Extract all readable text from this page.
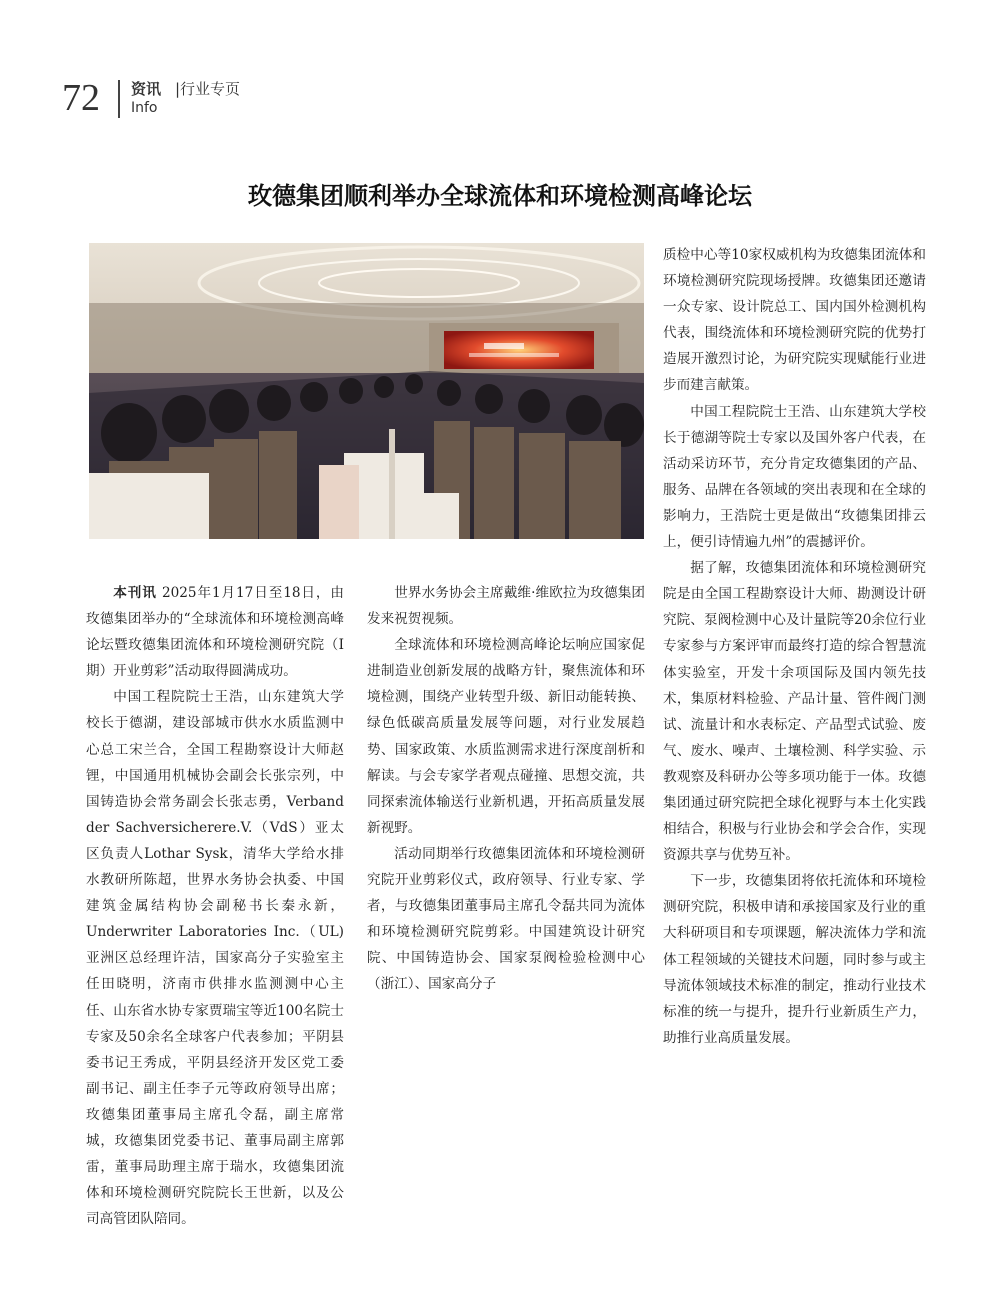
72 资讯
Info
|行业专页
玫德集团顺利举办全球流体和环境检测高峰论坛

本刊讯 2025年1月17日至18日，由玫德集团举办的“全球流体和环境检测高峰论坛暨玫德集团流体和环境检测研究院（Ⅰ期）开业剪彩”活动取得圆满成功。

中国工程院院士王浩，山东建筑大学校长于德湖，建设部城市供水水质监测中心总工宋兰合，全国工程勘察设计大师赵锂，中国通用机械协会副会长张宗列，中国铸造协会常务副会长张志勇，Verband der Sachversicherere.V.（VdS）亚太区负责人Lothar Sysk，清华大学给水排水教研所陈超，世界水务协会执委、中国建筑金属结构协会副秘书长秦永新，Underwriter Laboratories Inc.（UL)亚洲区总经理许洁，国家高分子实验室主任田晓明，济南市供排水监测测中心主任、山东省水协专家贾瑞宝等近100名院士专家及50余名全球客户代表参加；平阴县委书记王秀成，平阴县经济开发区党工委副书记、副主任李子元等政府领导出席；玫德集团董事局主席孔令磊，副主席常城，玫德集团党委书记、董事局副主席郭雷，董事局助理主席于瑞水，玫德集团流体和环境检测研究院院长王世新，以及公司高管团队陪同。

世界水务协会主席戴维·维欧拉为玫德集团发来祝贺视频。

全球流体和环境检测高峰论坛响应国家促进制造业创新发展的战略方针，聚焦流体和环境检测，围绕产业转型升级、新旧动能转换、绿色低碳高质量发展等问题，对行业发展趋势、国家政策、水质监测需求进行深度剖析和解读。与会专家学者观点碰撞、思想交流，共同探索流体输送行业新机遇，开拓高质量发展新视野。

活动同期举行玫德集团流体和环境检测研究院开业剪彩仪式，政府领导、行业专家、学者，与玫德集团董事局主席孔令磊共同为流体和环境检测研究院剪彩。中国建筑设计研究院、中国铸造协会、国家泵阀检验检测中心（浙江）、国家高分子

质检中心等10家权威机构为玫德集团流体和环境检测研究院现场授牌。玫德集团还邀请一众专家、设计院总工、国内国外检测机构代表，围绕流体和环境检测研究院的优势打造展开激烈讨论，为研究院实现赋能行业进步而建言献策。

中国工程院院士王浩、山东建筑大学校长于德湖等院士专家以及国外客户代表，在活动采访环节，充分肯定玫德集团的产品、服务、品牌在各领域的突出表现和在全球的影响力，王浩院士更是做出“玫德集团排云上，便引诗情遍九州”的震撼评价。

据了解，玫德集团流体和环境检测研究院是由全国工程勘察设计大师、勘测设计研究院、泵阀检测中心及计量院等20余位行业专家参与方案评审而最终打造的综合智慧流体实验室，开发十余项国际及国内领先技术，集原材料检验、产品计量、管件阀门测试、流量计和水表标定、产品型式试验、废气、废水、噪声、土壤检测、科学实验、示教观察及科研办公等多项功能于一体。玫德集团通过研究院把全球化视野与本土化实践相结合，积极与行业协会和学会合作，实现资源共享与优势互补。

下一步，玫德集团将依托流体和环境检测研究院，积极申请和承接国家及行业的重大科研项目和专项课题，解决流体力学和流体工程领域的关键技术问题，同时参与或主导流体领域技术标准的制定，推动行业技术标准的统一与提升，提升行业新质生产力，助推行业高质量发展。
